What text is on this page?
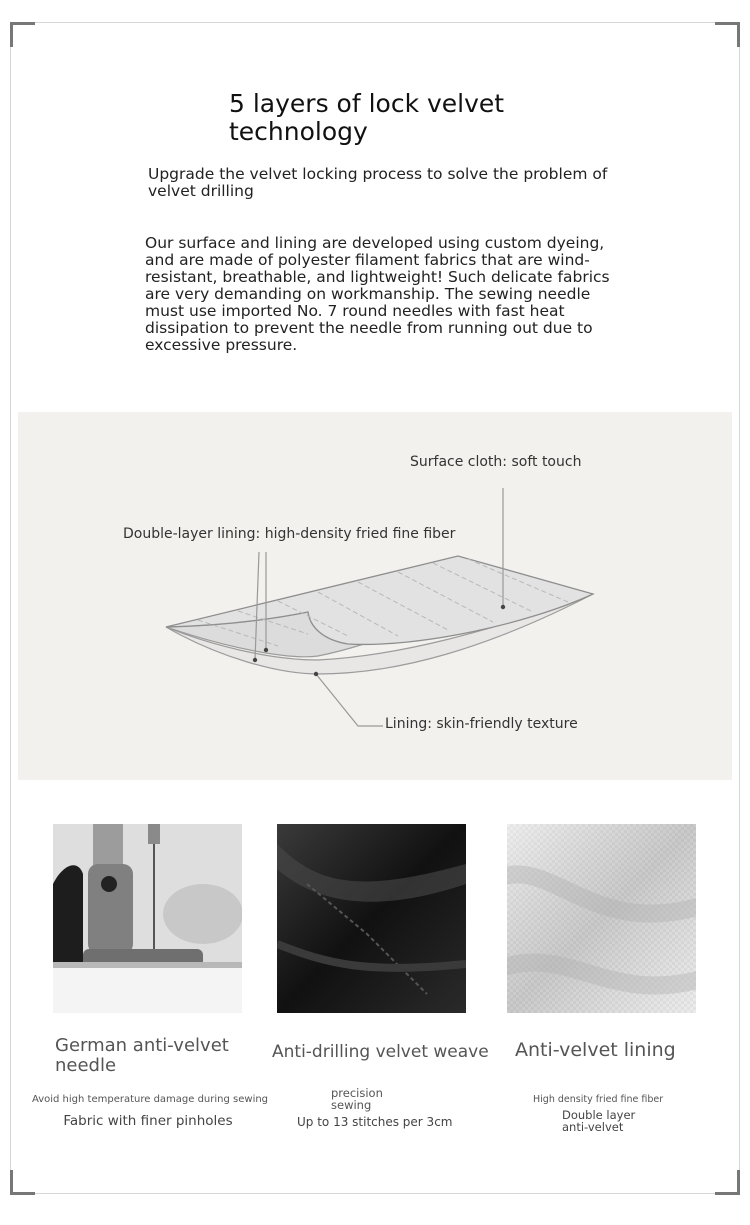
5 layers of lock velvet technology
Upgrade the velvet locking process to solve the problem of velvet drilling
Our surface and lining are developed using custom dyeing, and are made of polyester filament fabrics that are wind-resistant, breathable, and lightweight! Such delicate fabrics are very demanding on workmanship. The sewing needle must use imported No. 7 round needles with fast heat dissipation to prevent the needle from running out due to excessive pressure.
Surface cloth: soft touch
Double-layer lining: high-density fried fine fiber
Lining: skin-friendly texture
German anti-velvet needle
Anti-drilling velvet weave Anti-velvet lining
Avoid high temperature damage during sewing
Fabric with finer pinholes
precision sewing
Up to 13 stitches per 3cm
High density fried fine fiber
Double layer anti-velvet
